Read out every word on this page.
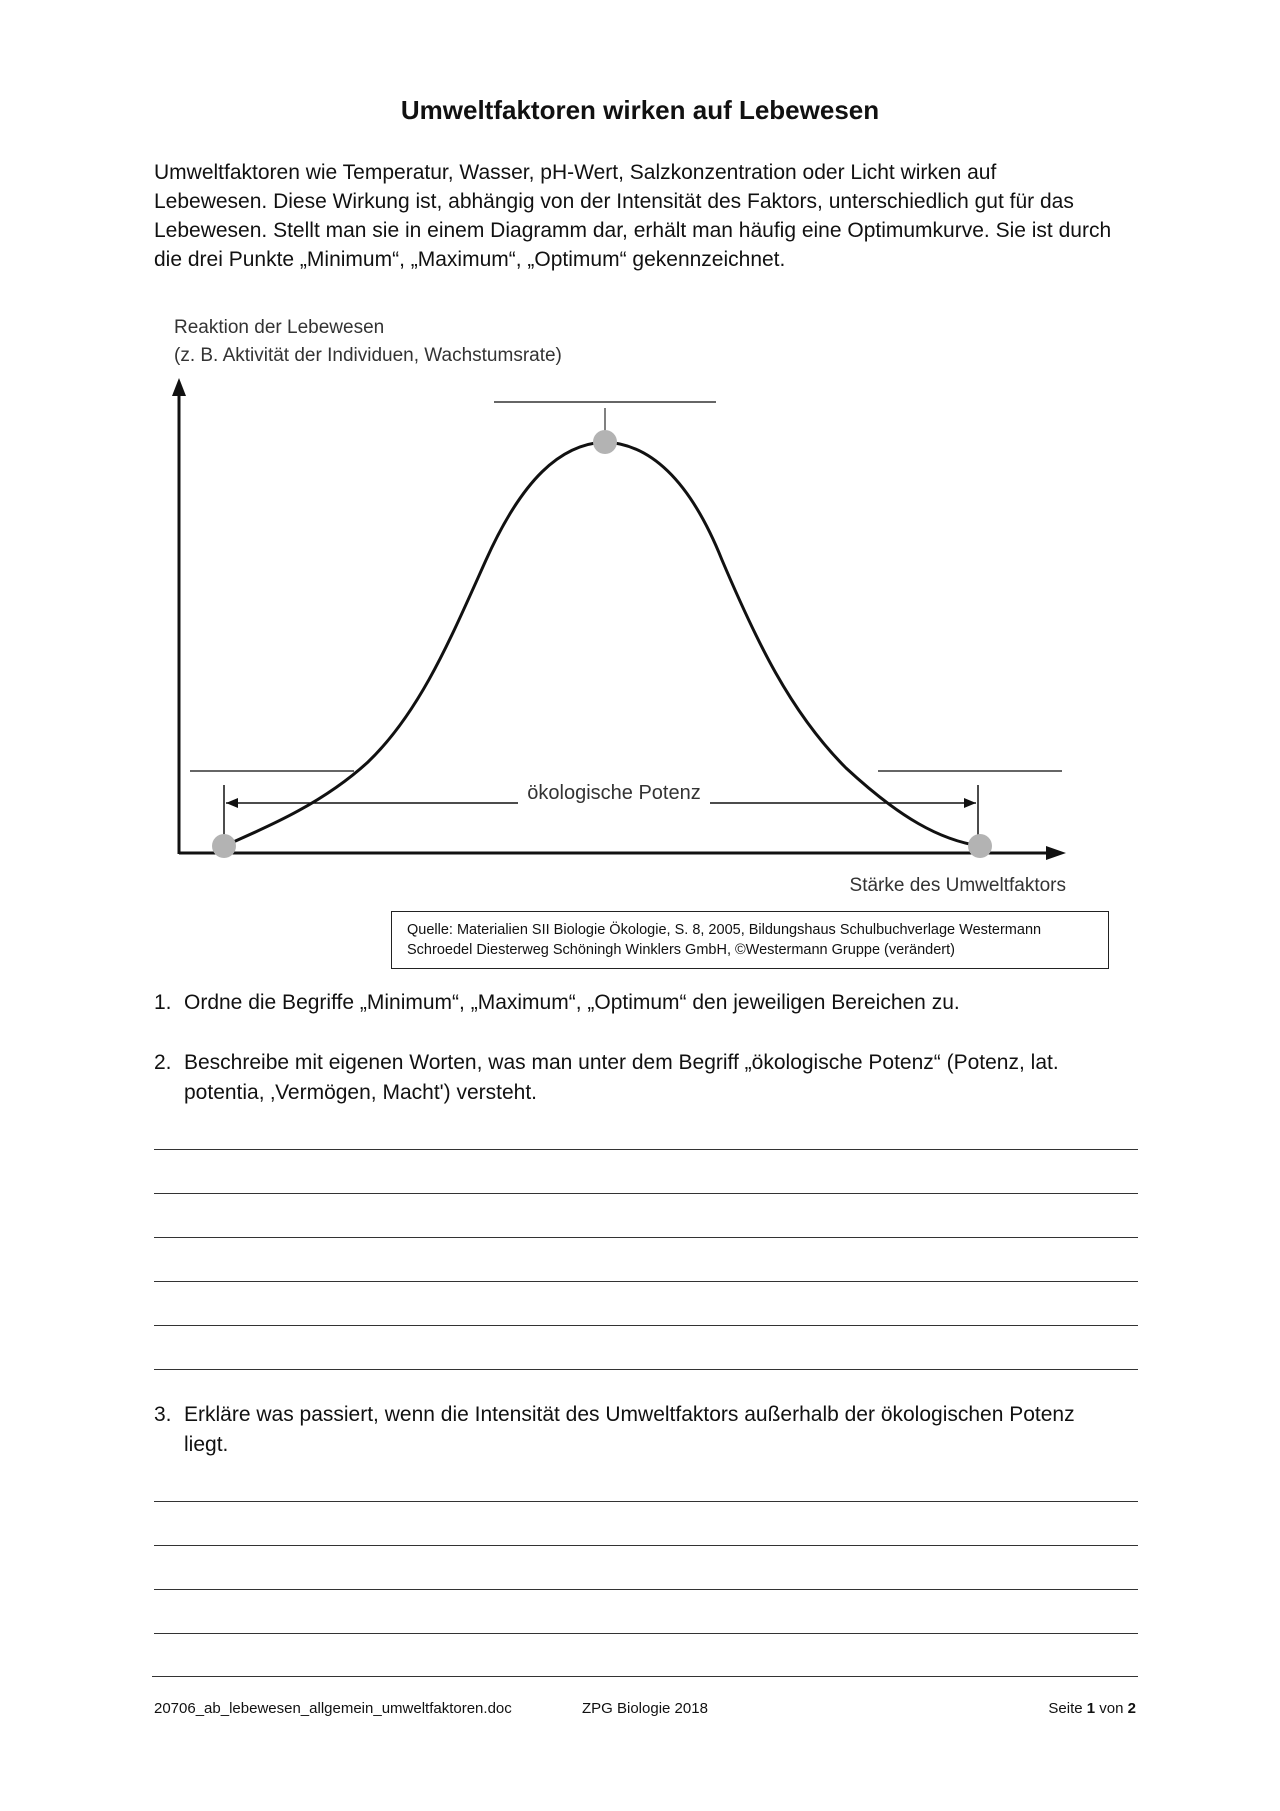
Umweltfaktoren wirken auf Lebewesen
Umweltfaktoren wie Temperatur, Wasser, pH-Wert, Salzkonzentration oder Licht wirken auf Lebewesen. Diese Wirkung ist, abhängig von der Intensität des Faktors, unterschiedlich gut für das Lebewesen. Stellt man sie in einem Diagramm dar, erhält man häufig eine Optimumkurve. Sie ist durch die drei Punkte „Minimum“, „Maximum“, „Optimum“ gekennzeichnet.
Reaktion der Lebewesen
(z. B. Aktivität der Individuen, Wachstumsrate)
ökologische Potenz
Stärke des Umweltfaktors
Quelle: Materialien SII Biologie Ökologie, S. 8, 2005, Bildungshaus Schulbuchverlage Westermann
Schroedel Diesterweg Schöningh Winklers GmbH, ©Westermann Gruppe (verändert)
1. Ordne die Begriffe „Minimum“, „Maximum“, „Optimum“ den jeweiligen Bereichen zu.
2. Beschreibe mit eigenen Worten, was man unter dem Begriff „ökologische Potenz“ (Potenz, lat. potentia, ‚Vermögen, Macht') versteht.
3. Erkläre was passiert, wenn die Intensität des Umweltfaktors außerhalb der ökologischen Potenz liegt.
20706_ab_lebewesen_allgemein_umweltfaktoren.doc	ZPG Biologie 2018	Seite 1 von 2
